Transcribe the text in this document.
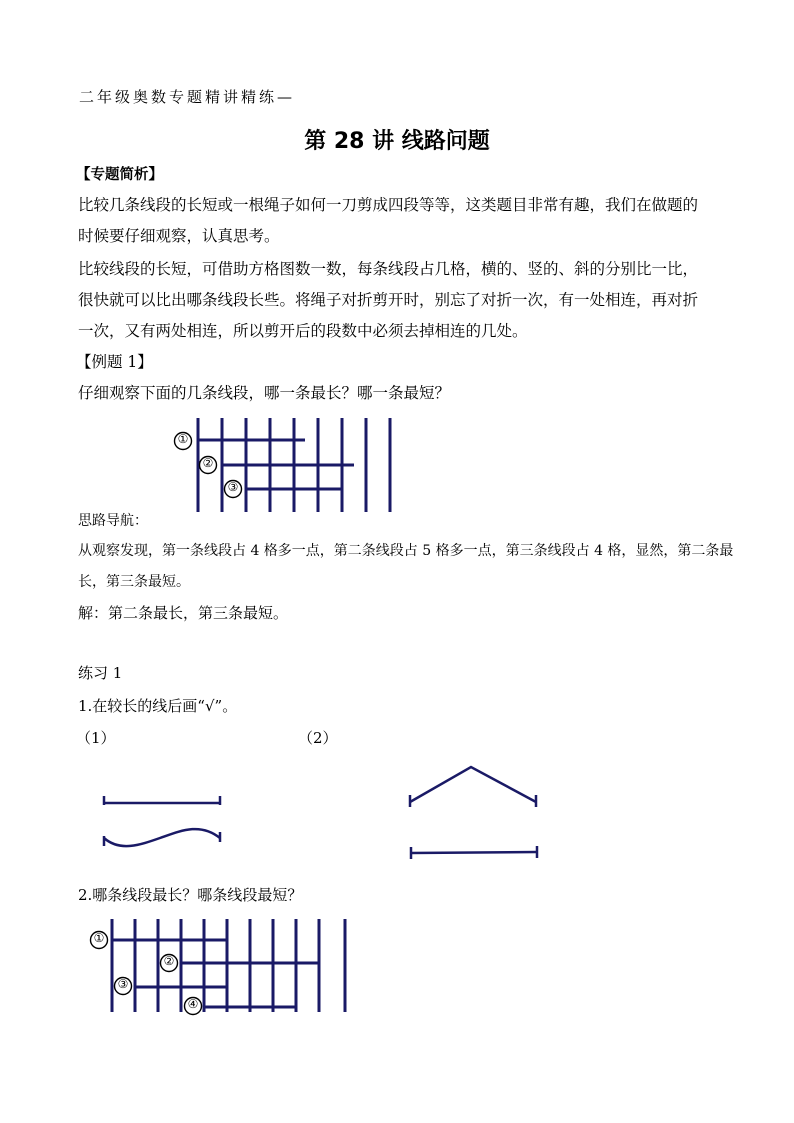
二年级奥数专题精讲精练—
第 28 讲 线路问题
【专题简析】
比较几条线段的长短或一根绳子如何一刀剪成四段等等，这类题目非常有趣，我们在做题的
时候要仔细观察，认真思考。
比较线段的长短，可借助方格图数一数，每条线段占几格，横的、竖的、斜的分别比一比，
很快就可以比出哪条线段长些。将绳子对折剪开时，别忘了对折一次，有一处相连，再对折
一次，又有两处相连，所以剪开后的段数中必须去掉相连的几处。
【例题 1】
仔细观察下面的几条线段，哪一条最长？哪一条最短？
①
②
③
思路导航：
从观察发现，第一条线段占 4 格多一点，第二条线段占 5 格多一点，第三条线段占 4 格，显然，第二条最
长，第三条最短。
解：第二条最长，第三条最短。
练习 1
1.在较长的线后画“√”。
（1）	（2）
2.哪条线段最长？哪条线段最短？
①
②
③
④
